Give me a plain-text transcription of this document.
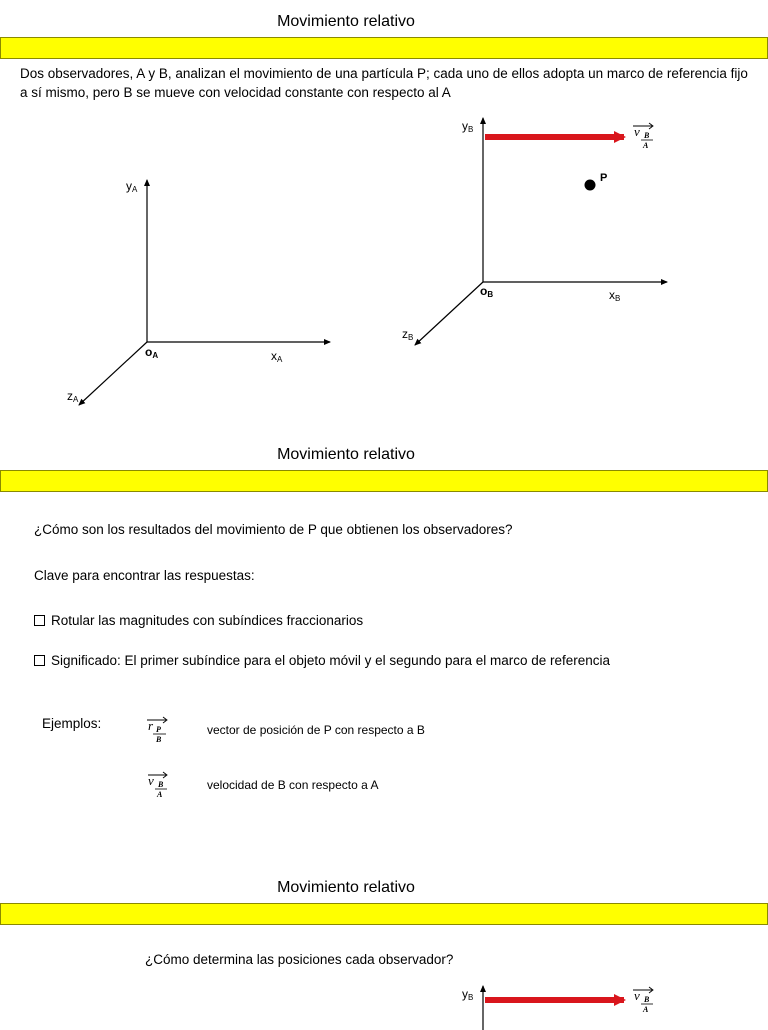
Movimiento relativo
Dos observadores, A y B, analizan el movimiento de una partícula P; cada uno de ellos adopta un marco de referencia fijo a sí mismo, pero B se mueve con velocidad constante con respecto al A
yA
xA
zA
oA
yB
xB
zB
oB
v B
A
P
Movimiento relativo
¿Cómo son los resultados del movimiento de P que obtienen los observadores?
Clave para encontrar las respuestas:
Rotular las magnitudes con subíndices fraccionarios
Significado: El primer subíndice para el objeto móvil y el segundo para el marco de referencia
Ejemplos:	r P
B
v B
A
vector de posición de P con respecto a B
velocidad de B con respecto a A
Movimiento relativo
¿Cómo determina las posiciones cada observador?
yB	v B
A
